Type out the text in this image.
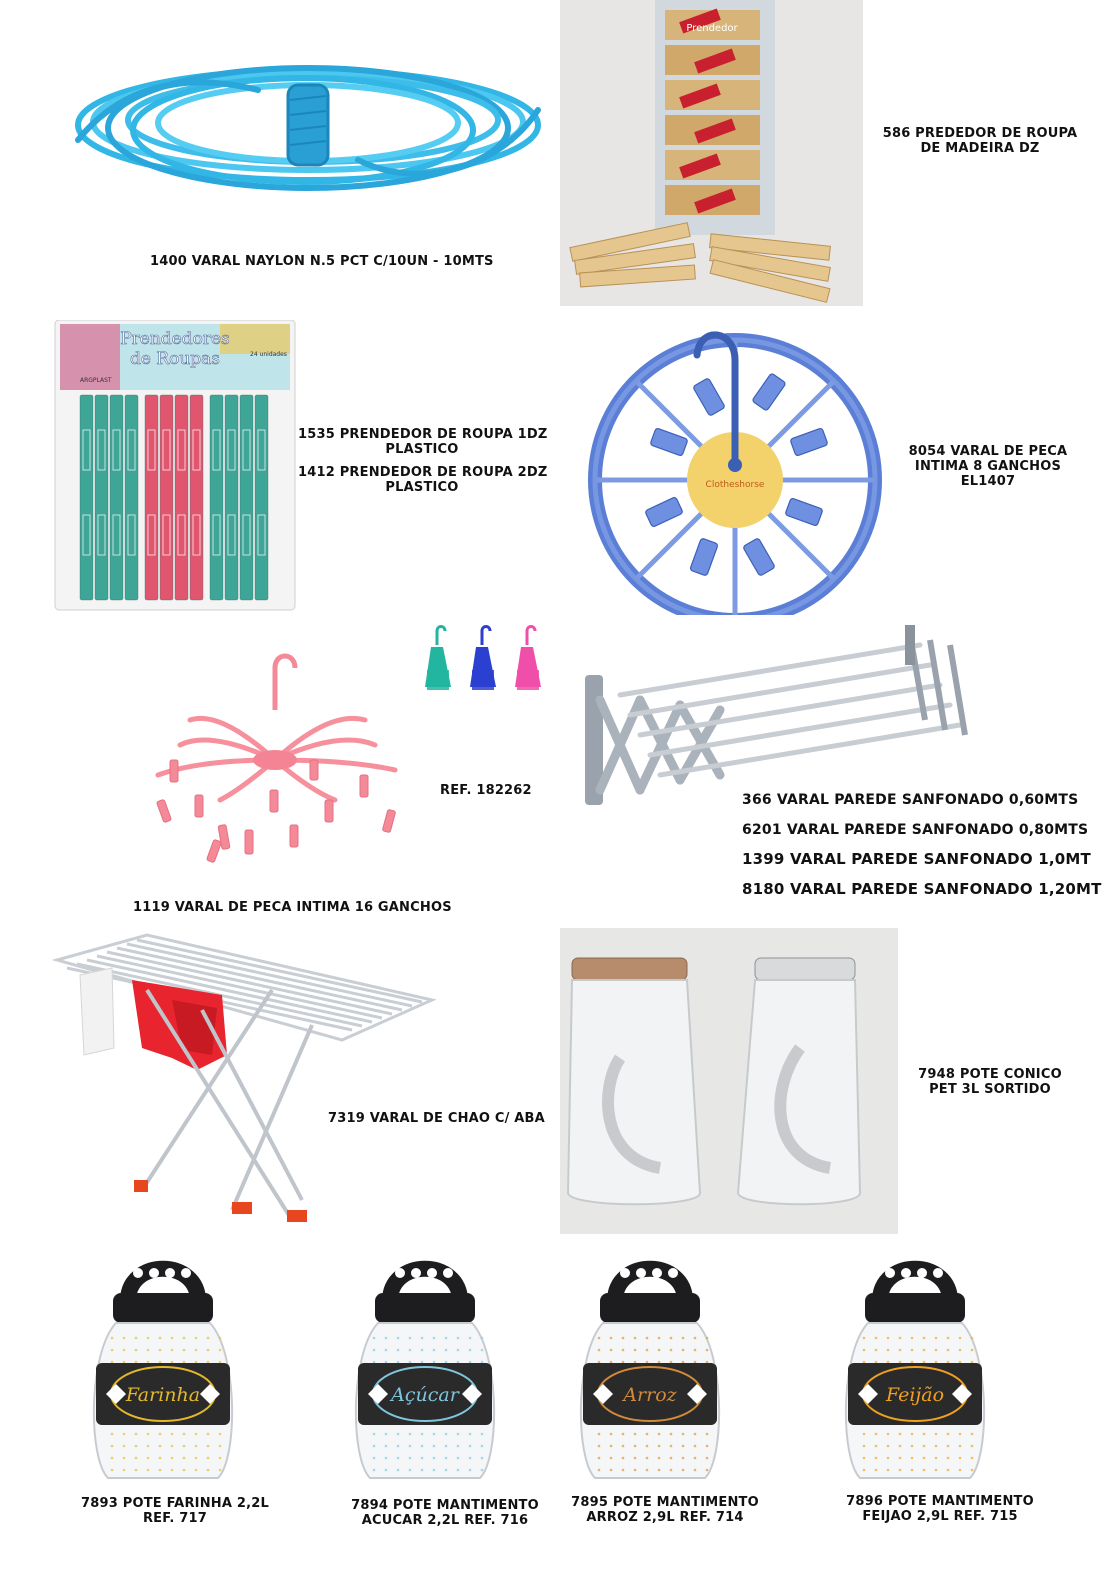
1400 VARAL NAYLON N.5 PCT C/10UN - 10MTS
Prendedor
586 PREDEDOR DE ROUPA
DE MADEIRA DZ
Prendedores
de Roupas
ARGPLAST
24 unidades
1535 PRENDEDOR DE ROUPA 1DZ
PLASTICO
1412 PRENDEDOR DE ROUPA 2DZ
PLASTICO	Clotheshorse
8054 VARAL DE PECA
INTIMA 8 GANCHOS
EL1407
REF. 182262
1119 VARAL DE PECA INTIMA 16 GANCHOS
366 VARAL PAREDE SANFONADO 0,60MTS
6201 VARAL PAREDE SANFONADO 0,80MTS
1399 VARAL PAREDE SANFONADO 1,0MT
8180 VARAL PAREDE SANFONADO 1,20MT
7319 VARAL DE CHAO C/ ABA
7948 POTE CONICO
PET 3L SORTIDO
Farinha
7893 POTE FARINHA 2,2L
REF. 717
Açúcar
7894 POTE MANTIMENTO
ACUCAR 2,2L REF. 716
Arroz
7895 POTE MANTIMENTO
ARROZ 2,9L REF. 714
Feijão
7896 POTE MANTIMENTO
FEIJAO 2,9L REF. 715
